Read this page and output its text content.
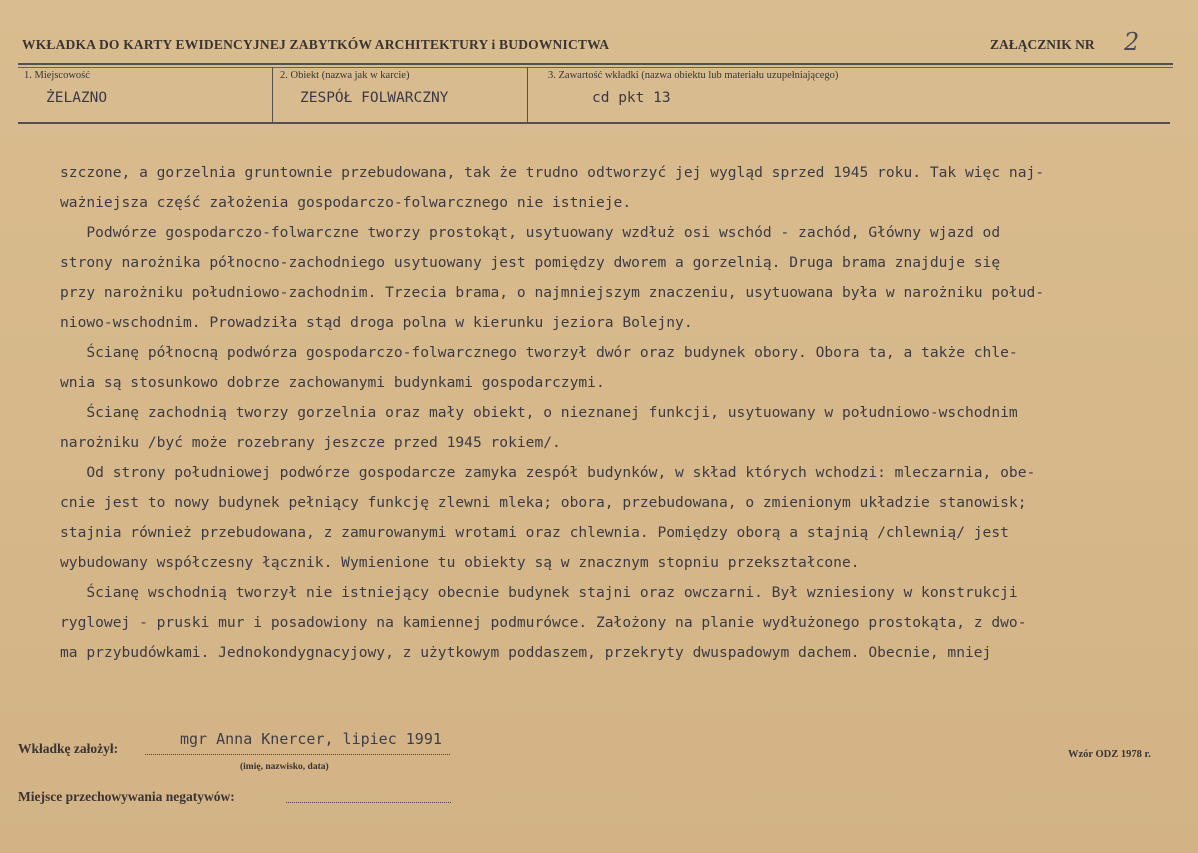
WKŁADKA DO KARTY EWIDENCYJNEJ ZABYTKÓW ARCHITEKTURY i BUDOWNICTWA	ZAŁĄCZNIK NR 2
1. Miejscowość
ŻELAZNO
2. Obiekt (nazwa jak w karcie)
ZESPÓŁ FOLWARCZNY
3. Zawartość wkładki (nazwa obiektu lub materiału uzupełniającego)
cd pkt 13
szczone, a gorzelnia gruntownie przebudowana, tak że trudno odtworzyć jej wygląd sprzed 1945 roku. Tak więc naj-
ważniejsza część założenia gospodarczo-folwarcznego nie istnieje.
Podwórze gospodarczo-folwarczne tworzy prostokąt, usytuowany wzdłuż osi wschód - zachód, Główny wjazd od
strony narożnika północno-zachodniego usytuowany jest pomiędzy dworem a gorzelnią. Druga brama znajduje się
przy narożniku południowo-zachodnim. Trzecia brama, o najmniejszym znaczeniu, usytuowana była w narożniku połud-
niowo-wschodnim. Prowadziła stąd droga polna w kierunku jeziora Bolejny.
Ścianę północną podwórza gospodarczo-folwarcznego tworzył dwór oraz budynek obory. Obora ta, a także chle-
wnia są stosunkowo dobrze zachowanymi budynkami gospodarczymi.
Ścianę zachodnią tworzy gorzelnia oraz mały obiekt, o nieznanej funkcji, usytuowany w południowo-wschodnim
narożniku /być może rozebrany jeszcze przed 1945 rokiem/.
Od strony południowej podwórze gospodarcze zamyka zespół budynków, w skład których wchodzi: mleczarnia, obe-
cnie jest to nowy budynek pełniący funkcję zlewni mleka; obora, przebudowana, o zmienionym układzie stanowisk;
stajnia również przebudowana, z zamurowanymi wrotami oraz chlewnia. Pomiędzy oborą a stajnią /chlewnią/ jest
wybudowany współczesny łącznik. Wymienione tu obiekty są w znacznym stopniu przekształcone.
Ścianę wschodnią tworzył nie istniejący obecnie budynek stajni oraz owczarni. Był wzniesiony w konstrukcji
ryglowej - pruski mur i posadowiony na kamiennej podmurówce. Założony na planie wydłużonego prostokąta, z dwo-
ma przybudówkami. Jednokondygnacyjowy, z użytkowym poddaszem, przekryty dwuspadowym dachem. Obecnie, mniej
Wkładkę założył:
mgr Anna Knercer, lipiec 1991
(imię, nazwisko, data)
Wzór ODZ 1978 r.
Miejsce przechowywania negatywów:
